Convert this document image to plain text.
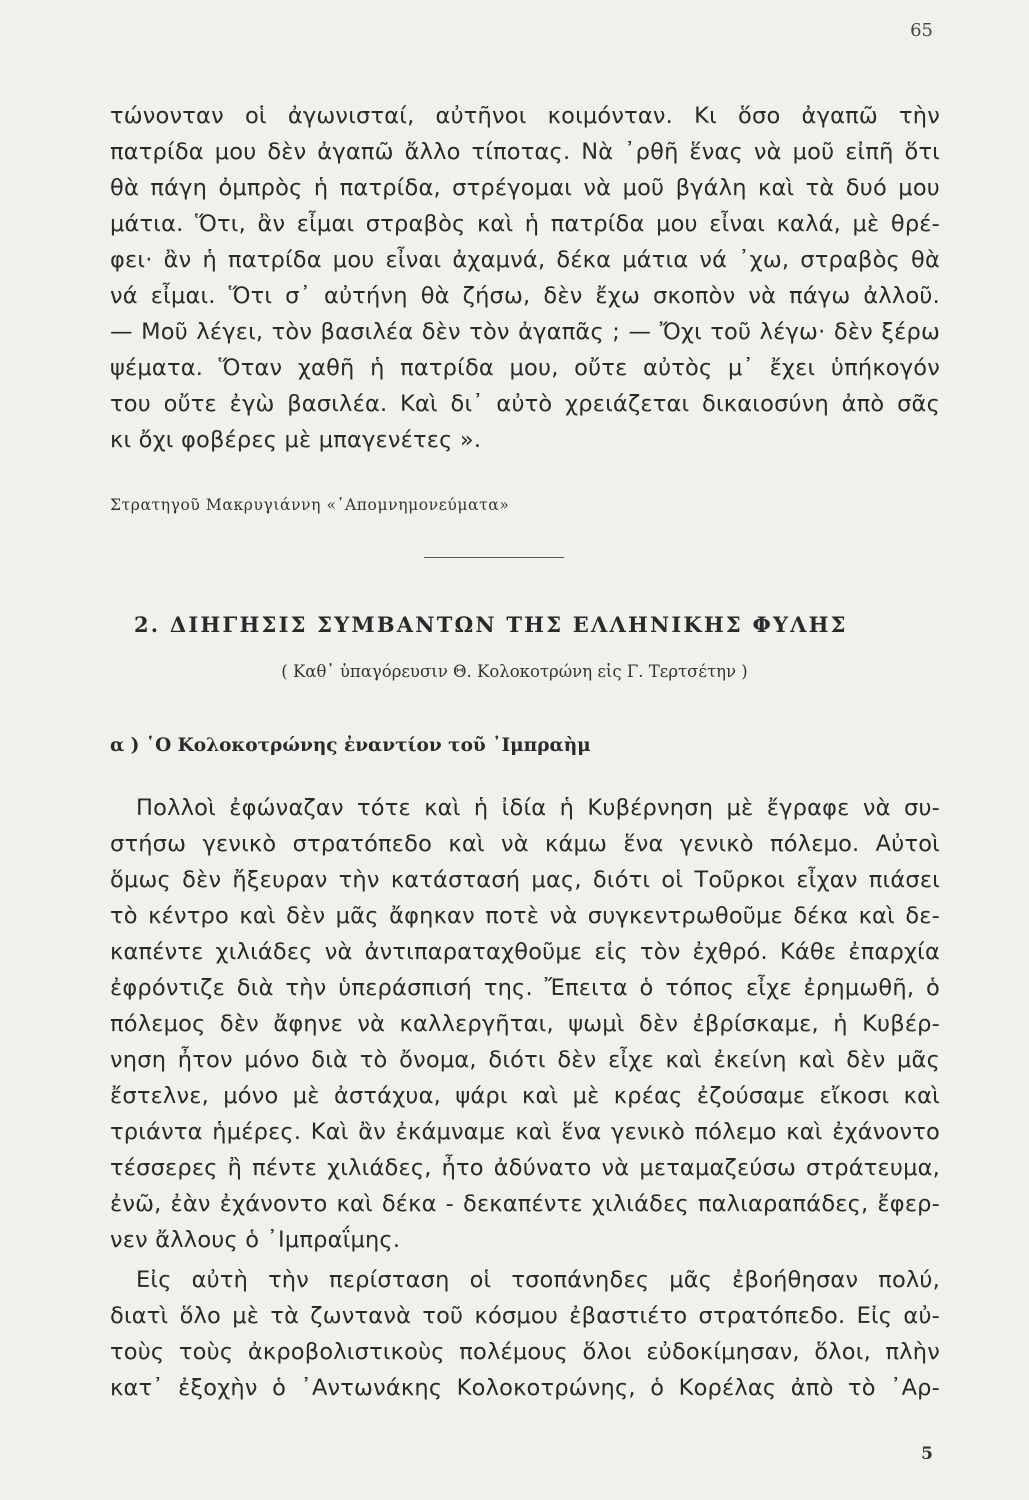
65
τώνονταν οἱ ἀγωνισταί, αὐτῆνοι κοιμόνταν. Κι ὅσο ἀγαπῶ τὴν
πατρίδα μου δὲν ἀγαπῶ ἄλλο τίποτας. Νὰ ᾿ρθῆ ἕνας νὰ μοῦ εἰπῆ ὅτι
θὰ πάγη ὀμπρὸς ἡ πατρίδα, στρέγομαι νὰ μοῦ βγάλη καὶ τὰ δυό μου
μάτια. Ὅτι, ἂν εἶμαι στραβὸς καὶ ἡ πατρίδα μου εἶναι καλά, μὲ θρέ-
φει· ἂν ἡ πατρίδα μου εἶναι ἀχαμνά, δέκα μάτια νά ᾿χω, στραβὸς θὰ
νά εἶμαι. Ὅτι σ᾿ αὐτήνη θὰ ζήσω, δὲν ἔχω σκοπὸν νὰ πάγω ἀλλοῦ.
— Μοῦ λέγει, τὸν βασιλέα δὲν τὸν ἀγαπᾶς ; — Ὄχι τοῦ λέγω· δὲν ξέρω
ψέματα. Ὅταν χαθῆ ἡ πατρίδα μου, οὔτε αὐτὸς μ᾿ ἔχει ὑπήκογόν
του οὔτε ἐγὼ βασιλέα. Καὶ δι᾿ αὐτὸ χρειάζεται δικαιοσύνη ἀπὸ σᾶς
κι ὄχι φοβέρες μὲ μπαγενέτες ».
Στρατηγοῦ Μακρυγιάννη «᾿Απομνημονεύματα»
2. ΔΙΗΓΗΣΙΣ ΣΥΜΒΑΝΤΩΝ ΤΗΣ ΕΛΛΗΝΙΚΗΣ ΦΥΛΗΣ
( Καθ᾿ ὑπαγόρευσιν Θ. Κολοκοτρώνη εἰς Γ. Τερτσέτην )
α ) ῾Ο Κολοκοτρώνης ἐναντίον τοῦ ᾿Ιμπραὴμ
Πολλοὶ ἐφώναζαν τότε καὶ ἡ ἰδία ἡ Κυβέρνηση μὲ ἔγραφε νὰ συ-
στήσω γενικὸ στρατόπεδο καὶ νὰ κάμω ἕνα γενικὸ πόλεμο. Αὐτοὶ
ὅμως δὲν ἤξευραν τὴν κατάστασή μας, διότι οἱ Τοῦρκοι εἶχαν πιάσει
τὸ κέντρο καὶ δὲν μᾶς ἄφηκαν ποτὲ νὰ συγκεντρωθοῦμε δέκα καὶ δε-
καπέντε χιλιάδες νὰ ἀντιπαραταχθοῦμε εἰς τὸν ἐχθρό. Κάθε ἐπαρχία
ἐφρόντιζε διὰ τὴν ὑπεράσπισή της. Ἔπειτα ὁ τόπος εἶχε ἐρημωθῆ, ὁ
πόλεμος δὲν ἄφηνε νὰ καλλεργῆται, ψωμὶ δὲν ἐβρίσκαμε, ἡ Κυβέρ-
νηση ἦτον μόνο διὰ τὸ ὄνομα, διότι δὲν εἶχε καὶ ἐκείνη καὶ δὲν μᾶς
ἔστελνε, μόνο μὲ ἀστάχυα, ψάρι καὶ μὲ κρέας ἐζούσαμε εἴκοσι καὶ
τριάντα ἡμέρες. Καὶ ἂν ἐκάμναμε καὶ ἕνα γενικὸ πόλεμο καὶ ἐχάνοντο
τέσσερες ἢ πέντε χιλιάδες, ἦτο ἀδύνατο νὰ μεταμαζεύσω στράτευμα,
ἐνῶ, ἐὰν ἐχάνοντο καὶ δέκα - δεκαπέντε χιλιάδες παλιαραπάδες, ἔφερ-
νεν ἄλλους ὁ ᾿Ιμπραΐμης.
Εἰς αὐτὴ τὴν περίσταση οἱ τσοπάνηδες μᾶς ἐβοήθησαν πολύ,
διατὶ ὅλο μὲ τὰ ζωντανὰ τοῦ κόσμου ἐβαστιέτο στρατόπεδο. Εἰς αὐ-
τοὺς τοὺς ἀκροβολιστικοὺς πολέμους ὅλοι εὐδοκίμησαν, ὅλοι, πλὴν
κατ᾿ ἐξοχὴν ὁ ᾿Αντωνάκης Κολοκοτρώνης, ὁ Κορέλας ἀπὸ τὸ ᾿Αρ-
5
